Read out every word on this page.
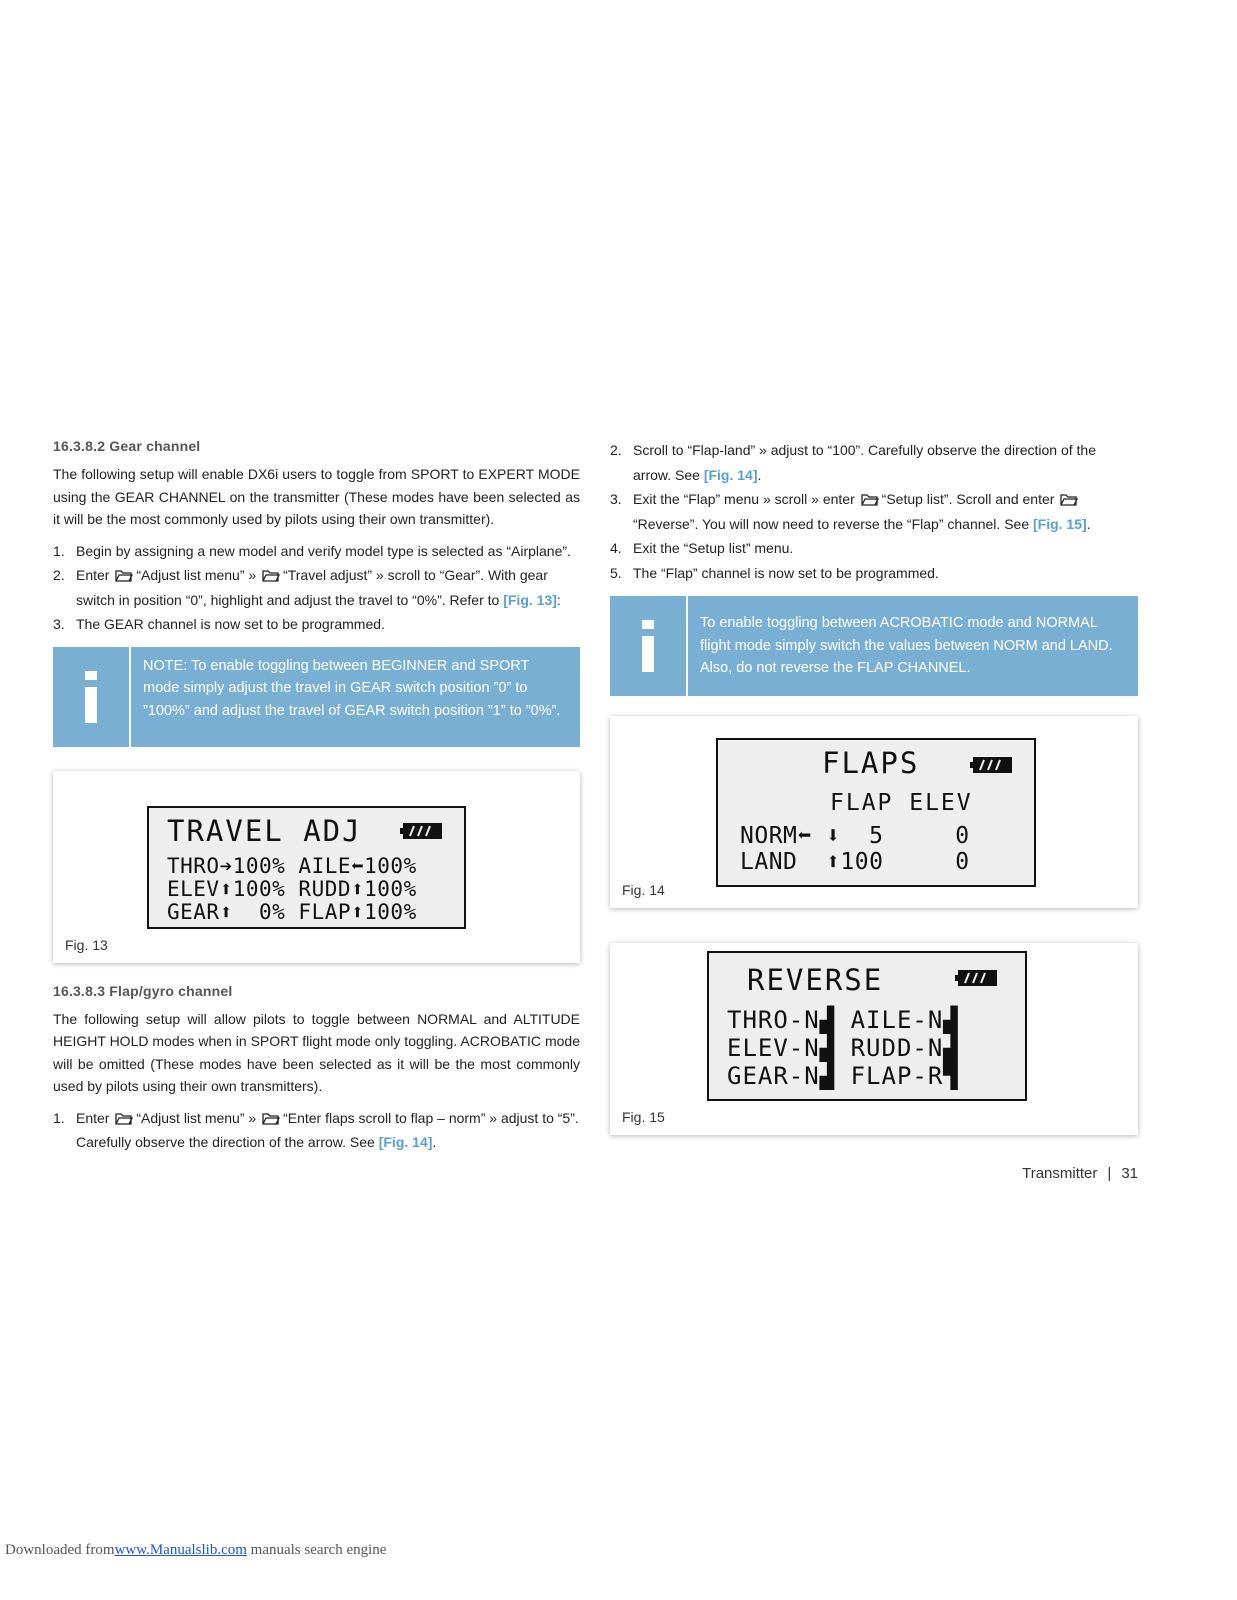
16.3.8.2 Gear channel

The following setup will enable DX6i users to toggle from SPORT to EXPERT MODE using the GEAR CHANNEL on the transmitter (These modes have been selected as it will be the most commonly used by pilots using their own transmitter).

1. Begin by assigning a new model and verify model type is selected as “Airplane”.
2. Enter “Adjust list menu” » “Travel adjust” » scroll to “Gear”. With gear switch in position “0”, highlight and adjust the travel to “0%”. Refer to [Fig. 13]:
3. The GEAR channel is now set to be programmed.
NOTE: To enable toggling between BEGINNER and SPORT mode simply adjust the travel in GEAR switch position ”0” to ”100%” and adjust the travel of GEAR switch position ”1” to ”0%”.
TRAVEL ADJ
THRO➔100% AILE⬅100%
ELEV⬆100% RUDD⬆100%
GEAR⬆  0% FLAP⬆100%
Fig. 13
16.3.8.3 Flap/gyro channel

The following setup will allow pilots to toggle between NORMAL and ALTITUDE HEIGHT HOLD modes when in SPORT flight mode only toggling. ACROBATIC mode will be omitted (These modes have been selected as it will be the most commonly used by pilots using their own transmitters).

1. Enter “Adjust list menu” » “Enter flaps scroll to flap – norm” » adjust to “5”. Carefully observe the direction of the arrow. See [Fig. 14].
2. Scroll to “Flap-land” » adjust to “100”. Carefully observe the direction of the arrow. See [Fig. 14].
3. Exit the “Flap” menu » scroll » enter “Setup list”. Scroll and enter “Reverse”. You will now need to reverse the “Flap” channel. See [Fig. 15].
4. Exit the “Setup list” menu.
5. The “Flap” channel is now set to be programmed.
To enable toggling between ACROBATIC mode and NORMAL flight mode simply switch the values between NORM and LAND. Also, do not reverse the FLAP CHANNEL.
FLAPS
FLAP ELEV
NORM⬅ ⬇  5     0
LAND  ⬆100     0
Fig. 14
REVERSE
THRO-N▟ AILE-N▟
ELEV-N▟ RUDD-N▟
GEAR-N▟ FLAP-R▜
Fig. 15
Transmitter | 31
Downloaded fromwww.Manualslib.com manuals search engine
